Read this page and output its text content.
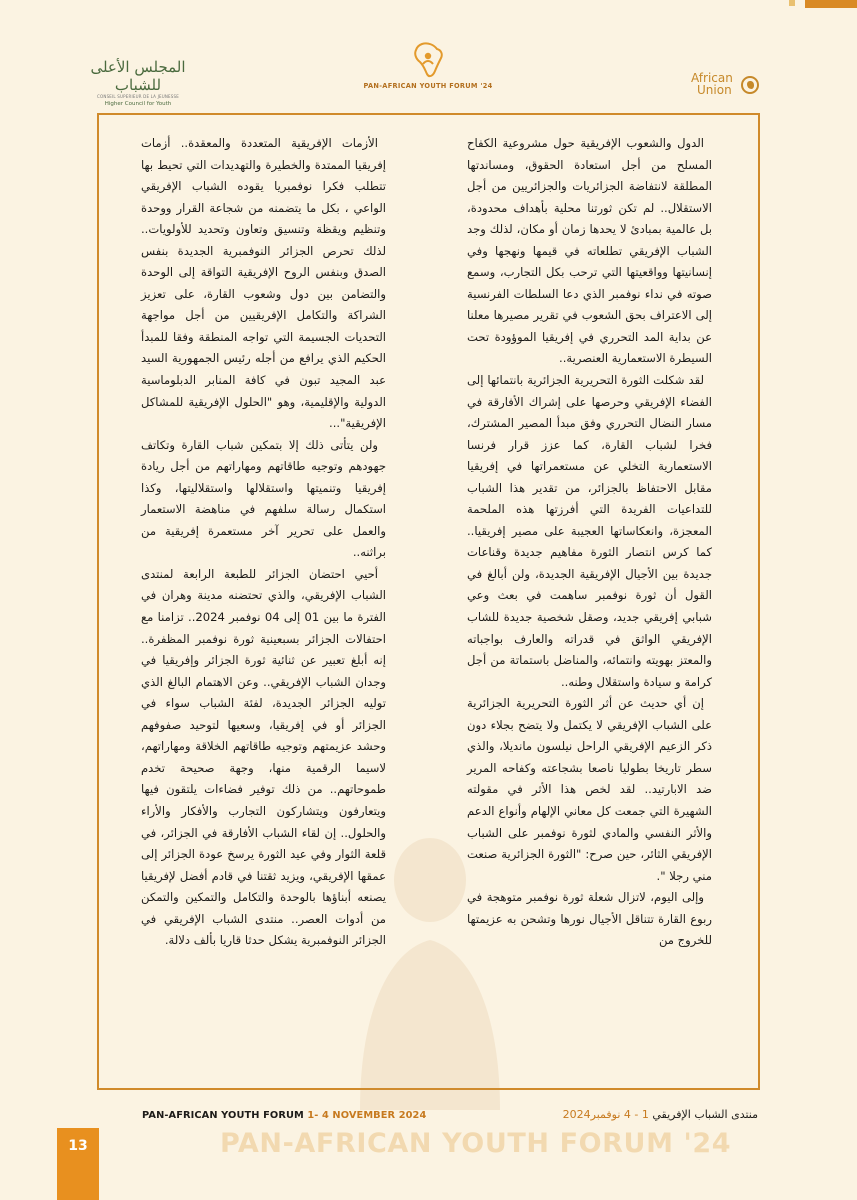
المجلس الأعلى للشباب
CONSEIL SUPERIEUR DE LA JEUNESSE
Higher Council for Youth
PAN-AFRICAN YOUTH FORUM '24
African
Union

الدول والشعوب الإفريقية حول مشروعية الكفاح المسلح من أجل استعادة الحقوق، ومساندتها المطلقة لانتفاضة الجزائريات والجزائريين من أجل الاستقلال.. لم تكن ثورتنا محلية بأهداف محدودة، بل عالمية بمبادئ لا يحدها زمان أو مكان، لذلك وجد الشباب الإفريقي تطلعاته في قيمها ونهجها وفي إنسانيتها وواقعيتها التي ترحب بكل التجارب، وسمع صوته في نداء نوفمبر الذي دعا السلطات الفرنسية إلى الاعتراف بحق الشعوب في تقرير مصيرها معلنا عن بداية المد التحرري في إفريقيا الموؤودة تحت السيطرة الاستعمارية العنصرية..

لقد شكلت الثورة التحريرية الجزائرية بانتمائها إلى الفضاء الإفريقي وحرصها على إشراك الأفارقة في مسار النضال التحرري وفق مبدأ المصير المشترك، فخرا لشباب القارة، كما عزز قرار فرنسا الاستعمارية التخلي عن مستعمراتها في إفريقيا مقابل الاحتفاظ بالجزائر، من تقدير هذا الشباب للتداعيات الفريدة التي أفرزتها هذه الملحمة المعجزة، وانعكاساتها العجيبة على مصير إفريقيا.. كما كرس انتصار الثورة مفاهيم جديدة وقناعات جديدة بين الأجيال الإفريقية الجديدة، ولن أبالغ في القول أن ثورة نوفمبر ساهمت في بعث وعي شبابي إفريقي جديد، وصقل شخصية جديدة للشاب الإفريقي الواثق في قدراته والعارف بواجباته والمعتز بهويته وانتمائه، والمناضل باستماتة من أجل كرامة و سيادة واستقلال وطنه..

إن أي حديث عن أثر الثورة التحريرية الجزائرية على الشباب الإفريقي لا يكتمل ولا يتضح بجلاء دون ذكر الزعيم الإفريقي الراحل نيلسون مانديلا، والذي سطر تاريخا بطوليا ناصعا بشجاعته وكفاحه المرير ضد الابارتيد.. لقد لخص هذا الأثر في مقولته الشهيرة التي جمعت كل معاني الإلهام وأنواع الدعم والأثر النفسي والمادي لثورة نوفمبر على الشباب الإفريقي الثائر، حين صرح: "الثورة الجزائرية صنعت مني رجلا ".

وإلى اليوم، لاتزال شعلة ثورة نوفمبر متوهجة في ربوع القارة تتناقل الأجيال نورها وتشحن به عزيمتها للخروج من

الأزمات الإفريقية المتعددة والمعقدة.. أزمات إفريقيا الممتدة والخطيرة والتهديدات التي تحيط بها تتطلب فكرا نوفمبريا يقوده الشباب الإفريقي الواعي ، بكل ما يتضمنه من شجاعة القرار ووحدة وتنظيم ويقظة وتنسيق وتعاون وتحديد للأولويات.. لذلك تحرص الجزائر النوفمبرية الجديدة بنفس الصدق وبنفس الروح الإفريقية التواقة إلى الوحدة والتضامن بين دول وشعوب القارة، على تعزيز الشراكة والتكامل الإفريقيين من أجل مواجهة التحديات الجسيمة التي تواجه المنطقة وفقا للمبدأ الحكيم الذي يرافع من أجله رئيس الجمهورية السيد عبد المجيد تبون في كافة المنابر الدبلوماسية الدولية والإقليمية، وهو "الحلول الإفريقية للمشاكل الإفريقية"...

ولن يتأتى ذلك إلا بتمكين شباب القارة وتكاتف جهودهم وتوجيه طاقاتهم ومهاراتهم من أجل ريادة إفريقيا وتنميتها واستقلالها واستقلاليتها، وكذا استكمال رسالة سلفهم في مناهضة الاستعمار والعمل على تحرير آخر مستعمرة إفريقية من براثنه..

أحيي احتضان الجزائر للطبعة الرابعة لمنتدى الشباب الإفريقي، والذي تحتضنه مدينة وهران في الفترة ما بين 01 إلى 04 نوفمبر 2024.. تزامنا مع احتفالات الجزائر بسبعينية ثورة نوفمبر المظفرة.. إنه أبلغ تعبير عن ثنائية ثورة الجزائر وإفريقيا في وجدان الشباب الإفريقي.. وعن الاهتمام البالغ الذي توليه الجزائر الجديدة، لفئة الشباب سواء في الجزائر أو في إفريقيا، وسعيها لتوحيد صفوفهم وحشد عزيمتهم وتوجيه طاقاتهم الخلاقة ومهاراتهم، لاسيما الرقمية منها، وجهة صحيحة تخدم طموحاتهم.. من ذلك توفير فضاءات يلتقون فيها ويتعارفون ويتشاركون التجارب والأفكار والأراء والحلول.. إن لقاء الشباب الأفارقة في الجزائر، في قلعة الثوار وفي عيد الثورة يرسخ عودة الجزائر إلى عمقها الإفريقي، ويزيد ثقتنا في قادم أفضل لإفريقيا يصنعه أبناؤها بالوحدة والتكامل والتمكين والتمكن من أدوات العصر.. منتدى الشباب الإفريقي في الجزائر النوفمبرية يشكل حدثا قاريا بألف دلالة.

PAN-AFRICAN YOUTH FORUM 1- 4 NOVEMBER 2024	منتدى الشباب الإفريقي 1 - 4 نوفمبر2024
PAN-AFRICAN YOUTH FORUM '24
13
